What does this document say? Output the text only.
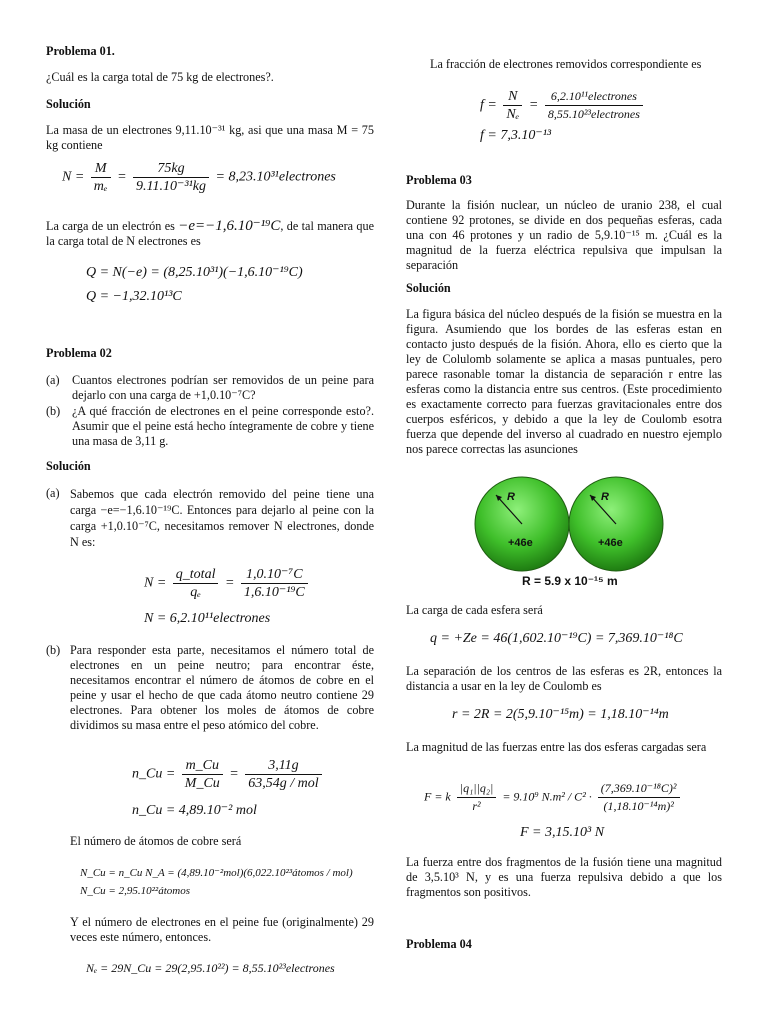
Problema 01.
¿Cuál es la carga total de 75 kg de electrones?.
Solución
La masa de un electrones 9,11.10⁻³¹ kg, asi que una masa M = 75 kg contiene
$N = \frac{M}{\text{mₑ}} = \frac{75kg}{\text{9.11.10⁻³¹kg}}$ = 8,23.10³¹electrones
La carga de un electrón es −e=−1,6.10⁻¹⁹C, de tal manera que la carga total de N electrones es
Q = N(−e) = (8,25.10³¹)(−1,6.10⁻¹⁹C)
Q = −1,32.10¹³C
Problema 02
(a) Cuantos electrones podrían ser removidos de un peine para dejarlo con una carga de +1,0.10⁻⁷C?
(b) ¿A qué fracción de electrones en el peine corresponde esto?. Asumir que el peine está hecho íntegramente de cobre y tiene una masa de 3,11 g.
Solución
(a) Sabemos que cada electrón removido del peine tiene una carga −e=−1,6.10⁻¹⁹C. Entonces para dejarlo al peine con la carga +1,0.10⁻⁷C, necesitamos remover N electrones, donde N es:
$N = \frac{\text{q\_total}}{\text{qₑ}} = \frac{\text{1,0.10⁻⁷C}}{\text{1,6.10⁻¹⁹C}}$
N = 6,2.10¹¹electrones
(b) Para responder esta parte, necesitamos el número total de electrones en un peine neutro; para encontrar éste, necesitamos encontrar el número de átomos de cobre en el peine y usar el hecho de que cada átomo neutro contiene 29 electrones. Para obtener los moles de átomos de cobre dividimos su masa entre el peso atómico del cobre.
n_Cu = $\frac{m\_Cu}{M\_Cu} = \frac{3,11g}{\text{63,54g / mol}}$
n_Cu = 4,89.10⁻² mol
El número de átomos de cobre será
N_Cu = n_Cu N_A = (4,89.10⁻²mol)(6,022.10²³átomos / mol)
N_Cu = 2,95.10²²átomos
Y el número de electrones en el peine fue (originalmente) 29 veces este número, entonces.
Nₑ = 29N_Cu = 29(2,95.10²²) = 8,55.10²³electrones
La fracción de electrones removidos correspondiente es
$f = \frac{N}{\text{Nₑ}} = \frac{\text{6,2.10¹¹electrones}}{\text{8,55.10²³electrones}}$
f = 7,3.10⁻¹³
Problema 03
Durante la fisión nuclear, un núcleo de uranio 238, el cual contiene 92 protones, se divide en dos pequeñas esferas, cada una con 46 protones y un radio de 5,9.10⁻¹⁵ m. ¿Cuál es la magnitud de la fuerza eléctrica repulsiva que impulsan la separación
Solución
La figura básica del núcleo después de la fisión se muestra en la figura. Asumiendo que los bordes de las esferas estan en contacto justo después de la fisión. Ahora, ello es cierto que la ley de Colulomb solamente se aplica a masas puntuales, pero parece rasonable tomar la distancia de separación r entre las esferas como la distancia entre sus centros. (Este procedimiento es exactamente correcto para fuerzas gravitacionales entre dos cuerpos esféricos, y debido a que la ley de Coulomb esotra fuerza que depende del inverso al cuadrado en nuestro ejemplo nos parece correctas las asunciones
R	R
+46e	+46e
R = 5.9 x 10⁻¹⁵ m
La carga de cada esfera será
q = +Ze = 46(1,602.10⁻¹⁹C) = 7,369.10⁻¹⁸C
La separación de los centros de las esferas es 2R, entonces la distancia a usar en la ley de Coulomb es
r = 2R = 2(5,9.10⁻¹⁵m) = 1,18.10⁻¹⁴m
La magnitud de las fuerzas entre las dos esferas cargadas sera
F = k $\frac{\text{|q₁||q₂|}}{\text{r²}} = 9.10^9$ $N.m^2 / C^2 \cdot \frac{\text{(7,369.10⁻¹⁸C)²}}{\text{(1,18.10⁻¹⁴m)²}}$
F = 3,15.10³ N
La fuerza entre dos fragmentos de la fusión tiene una magnitud de 3,5.10³ N, y es una fuerza repulsiva debido a que los fragmentos son positivos.
Problema 04
